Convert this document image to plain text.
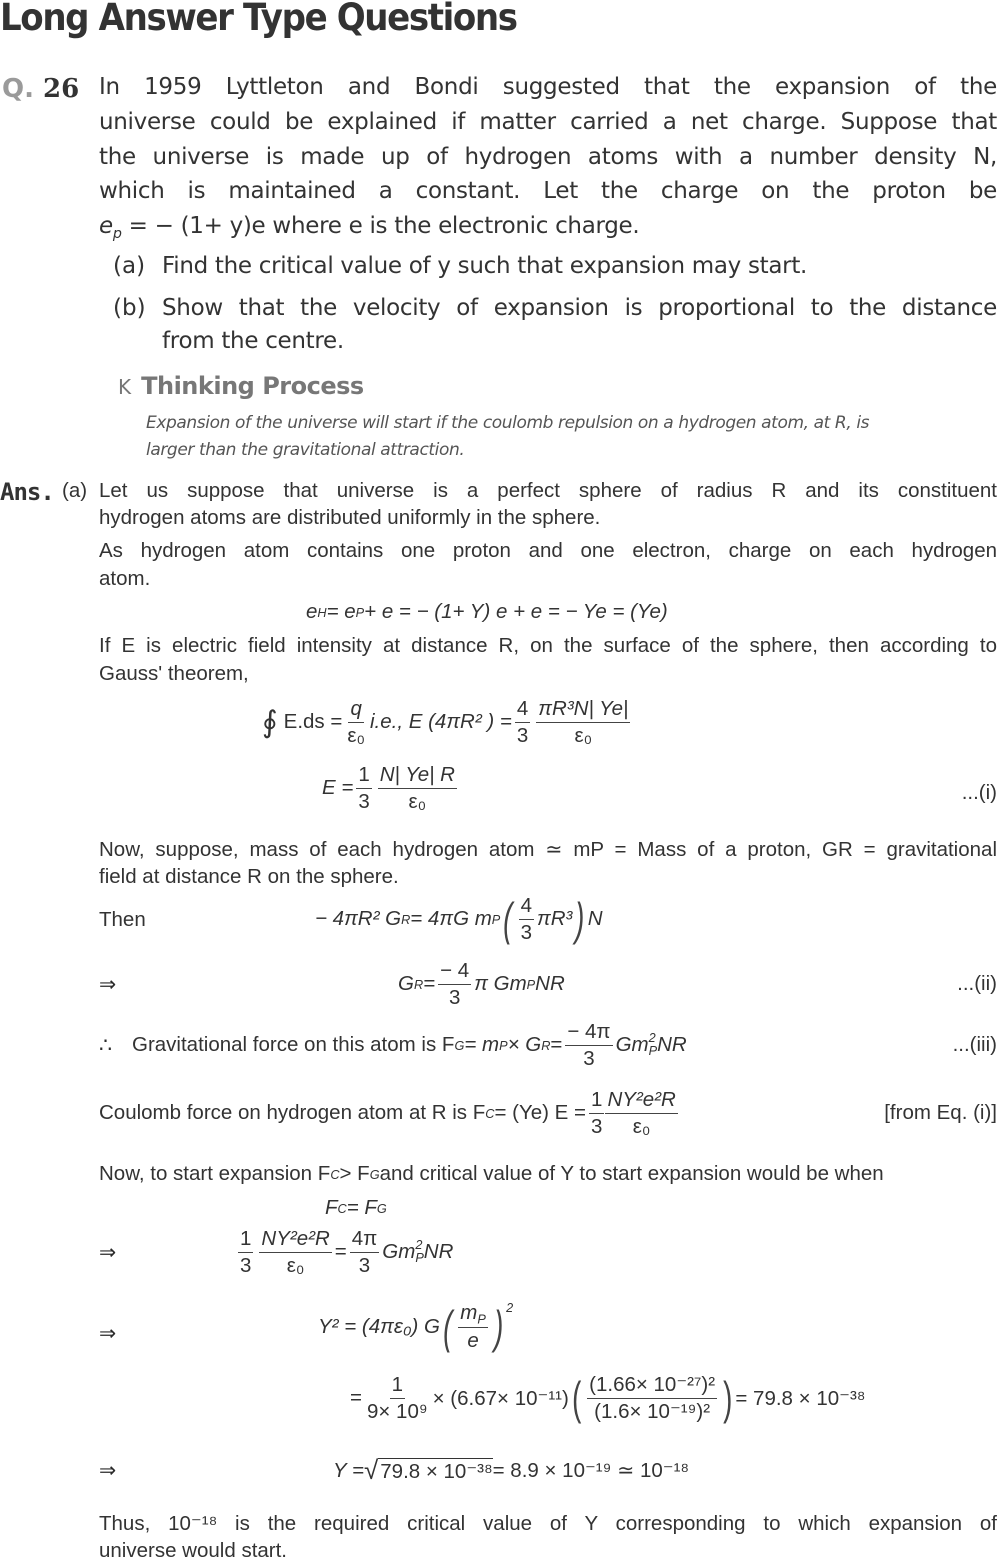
Long Answer Type Questions
Q. 26 In 1959 Lyttleton and Bondi suggested that the expansion of the
universe could be explained if matter carried a net charge. Suppose that
the universe is made up of hydrogen atoms with a number density N,
which is maintained a constant. Let the charge on the proton be
$e_p$ = − (1+ y)e where e is the electronic charge.
(a) Find the critical value of y such that expansion may start.
(b) Show that the velocity of expansion is proportional to the distance
from the centre.
K Thinking Process
Expansion of the universe will start if the coulomb repulsion on a hydrogen atom, at R, is
larger than the gravitational attraction.
Ans. (a) Let us suppose that universe is a perfect sphere of radius R and its constituent
hydrogen atoms are distributed uniformly in the sphere.
As hydrogen atom contains one proton and one electron, charge on each hydrogen
atom.
e H = e P + e = − (1+ Y) e + e = − Ye = (Ye)
If E is electric field intensity at distance R, on the surface of the sphere, then according to
Gauss' theorem,
∮ $E.ds = \frac{q}{\text{ε₀}} i.e$., E (4πR² ) = $\frac{4}{3} \frac{\text{πR³N| Ye|}}{\text{ε₀}}$
$E = \frac{1}{3} \frac{N| Ye| R}{\text{ε₀}}$	...(i)
Now, suppose, mass of each hydrogen atom ≃ mP = Mass of a proton, GR = gravitational
field at distance R on the sphere.
Then	− 4πR² G R = 4πG m P ( $\frac{4}{3} \pi R^3$ ) N
⇒	G $R = \frac{- 4}{3}$ π Gm P NR	...(ii)
∴ Gravitational force on this atom is F G = m P × G $R = \frac{- 4\pi}{3}$ Gm 2
P NR	...(iii)
Coulomb force on hydrogen atom at R is F C = (Ye) $E = \frac{1}{3} \frac{\text{NY²e²R}}{\text{ε₀}}$	[from Eq. (i)]
Now, to start expansion F C > F G and critical value of Y to start expansion would be when
F C = F G
⇒	$\frac{1}{3} \frac{\text{NY²e²R}}{\text{ε₀}} = \frac{4\pi}{3}$ Gm 2
P NR
⇒	Y² = (4πε₀) G ( $\frac{m_P}{e}$ ) 2
= $\frac{1}{\text{9× 10⁹}} \times (6.67\times 10^{-11})$ ( $\frac{\text{(1.66× 10⁻²⁷)²}}{\text{(1.6× 10⁻¹⁹)²}}$ ) = 79.8 × 10⁻³⁸
⇒	Y = √ 79.8 × 10⁻³⁸ = 8.9 × 10⁻¹⁹ ≃ 10⁻¹⁸
Thus, 10⁻¹⁸ is the required critical value of Y corresponding to which expansion of
universe would start.
